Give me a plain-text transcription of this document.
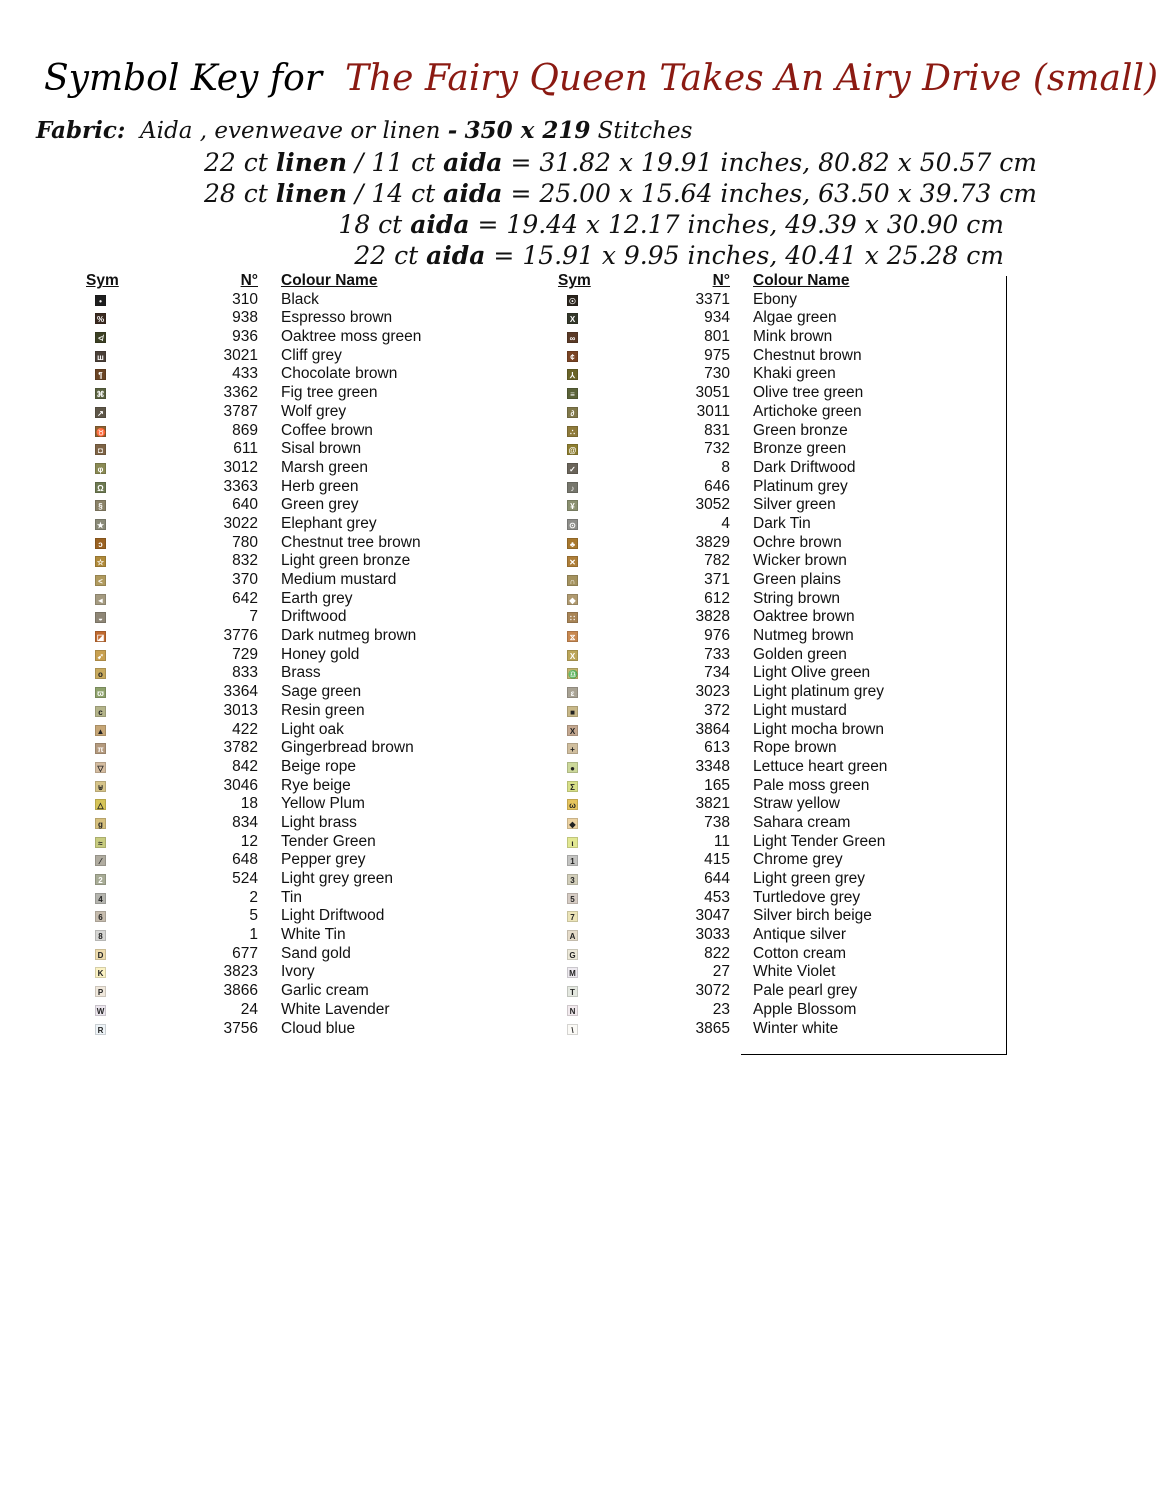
Symbol Key for The Fairy Queen Takes An Airy Drive (small)
Fabric: Aida , evenweave or linen - 350 x 219 Stitches
22 ct linen / 11 ct aida = 31.82 x 19.91 inches, 80.82 x 50.57 cm
28 ct linen / 14 ct aida = 25.00 x 15.64 inches, 63.50 x 39.73 cm
18 ct aida = 19.44 x 12.17 inches, 49.39 x 30.90 cm
22 ct aida = 15.91 x 9.95 inches, 40.41 x 25.28 cm
Sym	N° Colour Name
•	310 Black
%	938 Espresso brown
≮	936 Oaktree moss green
ш	3021 Cliff grey
¶	433 Chocolate brown
⌘	3362 Fig tree green
↗	3787 Wolf grey
♉	869 Coffee brown
◘	611 Sisal brown
φ	3012 Marsh green
Ω	3363 Herb green
§	640 Green grey
★	3022 Elephant grey
ↄ	780 Chestnut tree brown
☆	832 Light green bronze
<	370 Medium mustard
◂	642 Earth grey
◒	7 Driftwood
◪	3776 Dark nutmeg brown
➹	729 Honey gold
o	833 Brass
ϖ	3364 Sage green
c	3013 Resin green
▲	422 Light oak
π	3782 Gingerbread brown
▽	842 Beige rope
⊎	3046 Rye beige
△	18 Yellow Plum
g	834 Light brass
≈	12 Tender Green
⁄	648 Pepper grey
2	524 Light grey green
4	2 Tin
6	5 Light Driftwood
8	1 White Tin
D	677 Sand gold
K	3823 Ivory
P	3866 Garlic cream
W	24 White Lavender
R	3756 Cloud blue
Sym	N° Colour Name
☉	3371 Ebony
X	934 Algae green
∞	801 Mink brown
¢	975 Chestnut brown
⅄	730 Khaki green
≡	3051 Olive tree green
∂	3011 Artichoke green
∴	831 Green bronze
@	732 Bronze green
✓	8 Dark Driftwood
♪	646 Platinum grey
¥	3052 Silver green
⊙	4 Dark Tin
♣	3829 Ochre brown
✕	782 Wicker brown
∩	371 Green plains
◆	612 String brown
∷	3828 Oaktree brown
⧖	976 Nutmeg brown
X	733 Golden green
♎	734 Light Olive green
ε	3023 Light platinum grey
■	372 Light mustard
X	3864 Light mocha brown
+	613 Rope brown
●	3348 Lettuce heart green
Σ	165 Pale moss green
ω	3821 Straw yellow
◆	738 Sahara cream
ι	11 Light Tender Green
1	415 Chrome grey
3	644 Light green grey
5	453 Turtledove grey
7	3047 Silver birch beige
A	3033 Antique silver
G	822 Cotton cream
M	27 White Violet
T	3072 Pale pearl grey
N	23 Apple Blossom
\	3865 Winter white
